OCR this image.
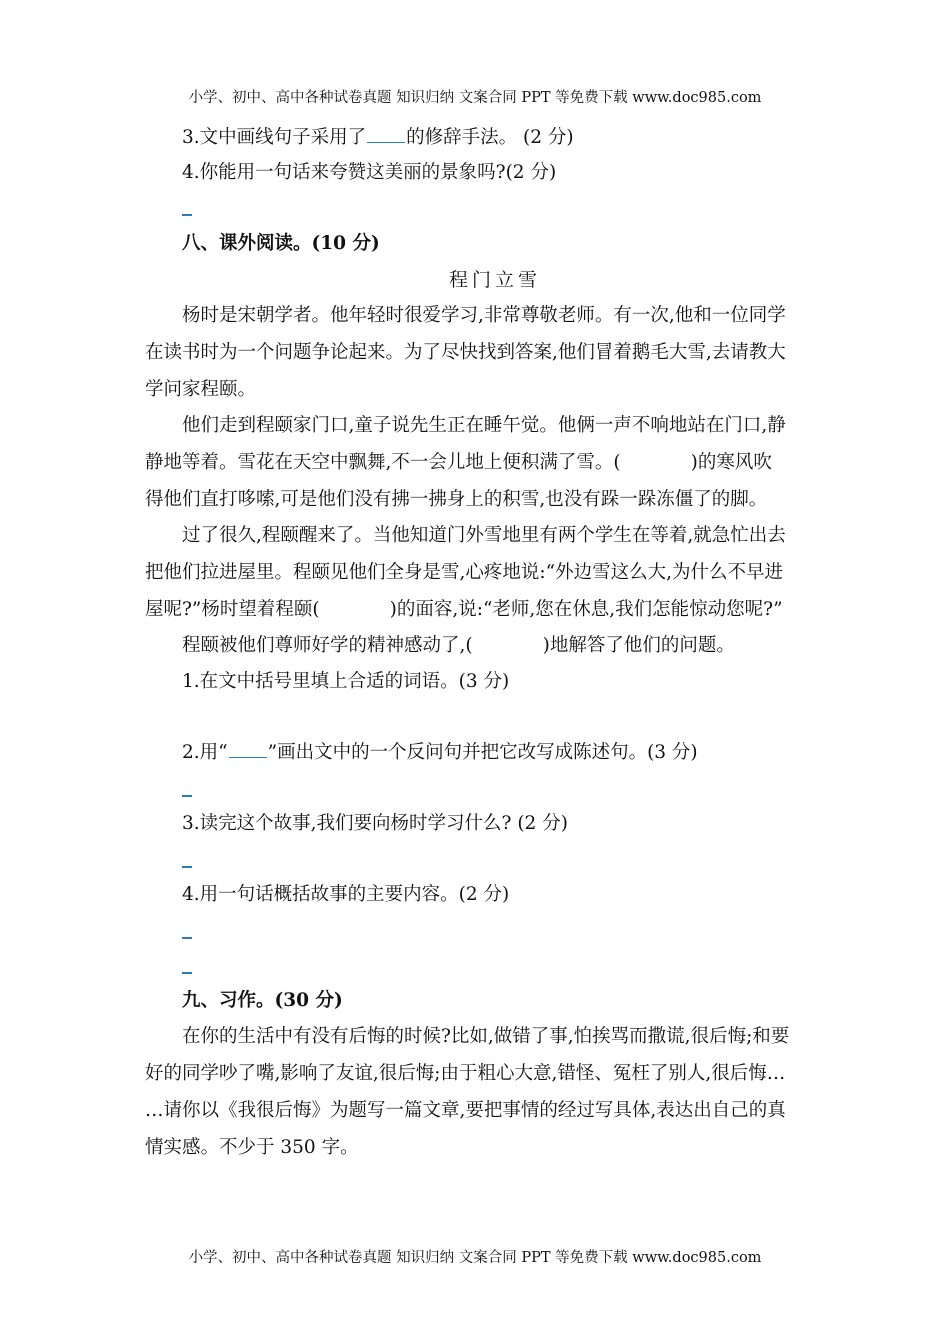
小学、初中、高中各种试卷真题 知识归纳 文案合同 PPT 等免费下载 www.doc985.com
3.文中画线句子采用了 的修辞手法。 (2 分)
4.你能用一句话来夸赞这美丽的景象吗?(2 分)
八、课外阅读。(10 分)
程门立雪
杨时是宋朝学者。他年轻时很爱学习,非常尊敬老师。有一次,他和一位同学
在读书时为一个问题争论起来。为了尽快找到答案,他们冒着鹅毛大雪,去请教大
学问家程颐。
他们走到程颐家门口,童子说先生正在睡午觉。他俩一声不响地站在门口,静
静地等着。雪花在天空中飘舞,不一会儿地上便积满了雪。(	)的寒风吹
得他们直打哆嗦,可是他们没有拂一拂身上的积雪,也没有跺一跺冻僵了的脚。
过了很久,程颐醒来了。当他知道门外雪地里有两个学生在等着,就急忙出去
把他们拉进屋里。程颐见他们全身是雪,心疼地说:“外边雪这么大,为什么不早进
屋呢?”杨时望着程颐(	)的面容,说:“老师,您在休息,我们怎能惊动您呢?”
程颐被他们尊师好学的精神感动了,(	)地解答了他们的问题。
1.在文中括号里填上合适的词语。(3 分)
2.用“ ”画出文中的一个反问句并把它改写成陈述句。(3 分)
3.读完这个故事,我们要向杨时学习什么? (2 分)
4.用一句话概括故事的主要内容。(2 分)
九、习作。(30 分)
在你的生活中有没有后悔的时候?比如,做错了事,怕挨骂而撒谎,很后悔;和要
好的同学吵了嘴,影响了友谊,很后悔;由于粗心大意,错怪、冤枉了别人,很后悔…
…请你以《我很后悔》为题写一篇文章,要把事情的经过写具体,表达出自己的真
情实感。不少于 350 字。
小学、初中、高中各种试卷真题 知识归纳 文案合同 PPT 等免费下载 www.doc985.com
